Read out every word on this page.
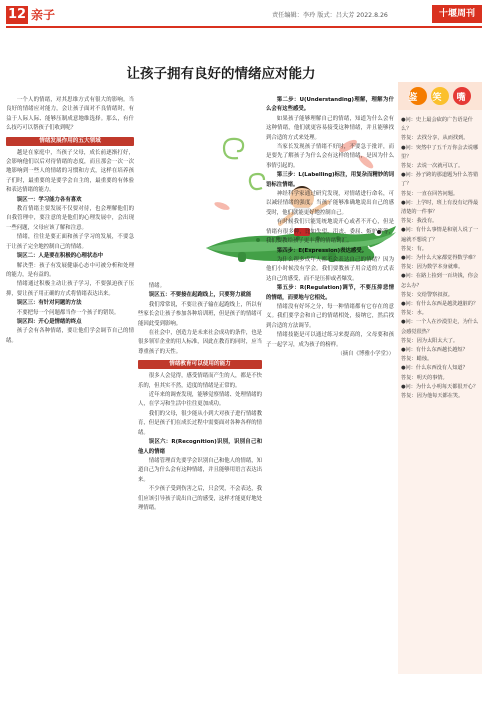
12 亲子	责任编辑：李玲 版式：吕大芳 2022.8.26	十堰周刊
让孩子拥有良好的情绪应对能力

一个人的情绪，对其思维方式有很大的影响。当良好的情绪应对能力，会让孩子面对不良情绪时，有益于人际人际、能够压制成意地维选择。那么，有什么技巧可以帮孩子们收到呢？

情绪发展作用的五大领域

越是在家庭中，当孩子父母，成长前逐渐打好，会影响他们以后对待情绪的态度，而且那会一次一次地影响到一些人的情绪的习惯和方式，这样在培养孩子们时，最重要的是要学会自主的，最重要的有体验和表达情绪的能力。

误区一：学习能力各有喜欢

教育情绪主要发展不仅要对待，也会理解他们的自我管理中，要注意的是他们的心理发展中，会出现一些问题，父母应该了解和注意。

情绪，往往是要正面和孩子学习的发展，不要急于让孩子完全地控制自己的情绪。

误区二：人是要在积极的心理状态中

解决型：孩子有发展健康心态中可被分析和处理的能力，是有益的。

情绪通过积极主动让孩子学习，不要强迫孩子压抑，要让孩子用正确的方式将情绪表达出来。

误区三：有针对问题的方法

不要把每一个问题都当作一个孩子的错误。

误区四：开心是情绪的终点

孩子会有各种情绪，要让他们学会调节自己的情绪。

情绪。

误区五：不要接在起跑线上，只要努力就能

我们常常说，不要让孩子输在起跑线上，所以有些家长会让孩子参加各种培训班，但是孩子的情绪可能因此受到影响。

在社会中，创造力是未来社会成功的条件，也是很多领军企业的用人标准，因此在教育的同时，应当尊重孩子的天性。

情绪教育可以使用的能力

很多人会觉得，感受情绪而产生的人，都是不快乐的，但其实不然，适度的情绪是正常的。

近年来的调查发现，能够觉察情绪、处理情绪的人，在学习和生活中往往更加成功。

我们的父母，很少能从小到大对孩子进行情绪教育，但是孩子们在成长过程中需要面对各种各样的情绪。

误区六：R(Recognition)识别，识别自己和他人的情绪

情绪管理首先要学会识别自己和他人的情绪，知道自己为什么会有这种情绪，并且能够用语言表达出来。

不少孩子受到伤害之后，只会哭，不会表达，我们应该引导孩子说出自己的感受，这样才能更好地处理情绪。

第二步：U(Understanding)理解，理解为什么会有这些感受。

如果孩子能够理解自己的情绪，知道为什么会有这种情绪，他们就更容易接受这种情绪，并且能够找到合适的方式来处理。

当家长发现孩子情绪不好时，不要急于批评，而是要先了解孩子为什么会有这样的情绪，是因为什么事情引起的。

第三步：L(Labelling)标注，用复杂而精妙的词语标注情绪。

神经科学家通过研究发现，对情绪进行命名，可以减轻情绪的强度。当孩子能够准确地说出自己的感受时，他们就能更好地控制自己。

有时候我们只能笼统地说开心或者不开心，但是情绪有很多种，比如失望、沮丧、委屈、嫉妒等等，我们要教给孩子更丰富的情绪词汇。

第四步：E(Expression)表达感受。

为什么很多成年人都不会表达自己的情绪？因为他们小时候没有学会。我们要教孩子用合适的方式表达自己的感受，而不是压抑或者爆发。

第五步：R(Regulation)调节，不要压抑悲情的情绪，而要地与它相处。

情绪没有好坏之分，每一种情绪都有它存在的意义。我们要学会和自己的情绪相处，接纳它，然后找到合适的方法调节。

情绪技能是可以通过练习来提高的，父母要和孩子一起学习，成为孩子的榜样。

（摘自《博雅小学堂》）

鉴 笑 嘴

●问：史上最会砍的广告语是什么？

答复：去找分享，从而找到。

●问：突然中了五千万你会去说哪里？

答复：去说一次就可以了。

●问：孙子跨的那道题为什么答错了？

答复：一直在回答问题。

●问：上学时，班上有没有记得最清楚的一件事？

答复：我没有。

●问：有什么事情是和别人说了一遍就不想说了？

答复：有。

●问：为什么大家都觉得数学难？

答复：因为数学本身就难。

●问：在路上捡到一百块钱，你会怎么办？

答复：交给警察叔叔。

●问：有什么东西是越洗越脏的？

答复：水。

●问：一个人在沙漠里走，为什么会感觉很热？

答复：因为太阳太大了。

●问：有什么东西越长越短？

答复：蜡烛。

●问：什么东西没有人知道？

答复：明天的事情。

●问：为什么小明每天都很开心？

答复：因为他每天都在笑。
